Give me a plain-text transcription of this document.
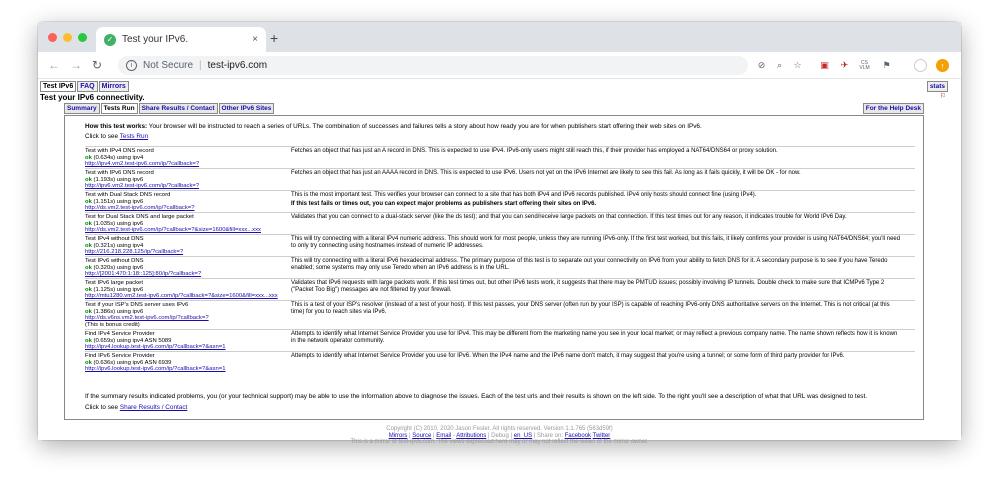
✓ Test your IPv6.	× +
← → ↻	i	Not Secure | test-ipv6.com	⊘	⌕	☆ ▣	✈	CS VLM ⚑	↑
Test IPv6	FAQ	Mirrors	stats
⚐
Test your IPv6 connectivity.
Summary	Tests Run	Share Results / Contact	Other IPv6 Sites	For the Help Desk
How this test works: Your browser will be instructed to reach a series of URLs. The combination of successes and failures tells a story about how ready you are for when publishers start offering their web sites on IPv6.
Click to see Tests Run
Test with IPv4 DNS record
ok (0.634s) using ipv4
http://ipv4.vm2.test-ipv6.com/ip/?callback=?
Fetches an object that has just an A record in DNS. This is expected to use IPv4. IPv6-only users might still reach this, if their provider has employed a NAT64/DNS64 or proxy solution.
Test with IPv6 DNS record
ok (1.193s) using ipv6
http://ipv6.vm2.test-ipv6.com/ip/?callback=?
Fetches an object that has just an AAAA record in DNS. This is expected to use IPv6. Users not yet on the IPv6 Internet are likely to see this fail. As long as it fails quickly, it will be OK - for now.
Test with Dual Stack DNS record
ok (1.151s) using ipv6
http://ds.vm2.test-ipv6.com/ip/?callback=?
This is the most important test. This verifies your browser can connect to a site that has both IPv4 and IPv6 records published. IPv4 only hosts should connect fine (using IPv4).
If this test fails or times out, you can expect major problems as publishers start offering their sites on IPv6.
Test for Dual Stack DNS and large packet
ok (1.035s) using ipv6
http://ds.vm2.test-ipv6.com/ip/?callback=?&size=1600&fill=xxx...xxx
Validates that you can connect to a dual-stack server (like the ds test); and that you can send/receive large packets on that connection. If this test times out for any reason, it indicates trouble for World IPv6 Day.
Test IPv4 without DNS
ok (0.321s) using ipv4
http://216.218.228.125/ip/?callback=?
This will try connecting with a literal IPv4 numeric address. This should work for most people, unless they are running IPv6-only. If the first test worked, but this fails, it likely confirms your provider is using NAT64/DNS64; you'll need to only try connecting using hostnames instead of numeric IP addresses.
Test IPv6 without DNS
ok (0.320s) using ipv6
http://[2001:470:1:18::125]:80/ip/?callback=?
This will try connecting with a literal IPv6 hexadecimal address. The primary purpose of this test is to separate out your connectivity on IPv6 from your ability to fetch DNS for it. A secondary purpose is to see if you have Teredo enabled; some systems may only use Teredo when an IPv6 address is in the URL.
Test IPv6 large packet
ok (1.125s) using ipv6
http://mtu1280.vm2.test-ipv6.com/ip/?callback=?&size=1600&fill=xxx...xxx
Validates that IPv6 requests with large packets work. If this test times out, but other IPv6 tests work, it suggests that there may be PMTUD issues; possibly involving IP tunnels. Double check to make sure that ICMPv6 Type 2 ("Packet Too Big") messages are not filtered by your firewall.
Test if your ISP's DNS server uses IPv6
ok (1.386s) using ipv6
http://ds.v6ns.vm2.test-ipv6.com/ip/?callback=?
(This is bonus credit)
This is a test of your ISP's resolver (instead of a test of your host). If this test passes, your DNS server (often run by your ISP) is capable of reaching IPv6-only DNS authoritative servers on the Internet. This is not critical (at this time) for you to reach sites via IPv6.
Find IPv4 Service Provider
ok (0.659s) using ipv4 ASN 5089
http://ipv4.lookup.test-ipv6.com/ip/?callback=?&asn=1
Attempts to identify what Internet Service Provider you use for IPv4. This may be different from the marketing name you see in your local market; or may reflect a previous company name. The name shown reflects how it is known in the network operator community.
Find IPv6 Service Provider
ok (0.636s) using ipv6 ASN 6939
http://ipv6.lookup.test-ipv6.com/ip/?callback=?&asn=1
Attempts to identify what Internet Service Provider you use for IPv6. When the IPv4 name and the IPv6 name don't match, it may suggest that you're using a tunnel; or some form of third party provider for IPv6.
If the summary results indicated problems, you (or your technical support) may be able to use the information above to diagnose the issues. Each of the test urls and their results is shown on the left side. To the right you'll see a description of what that URL was designed to test.
Click to see Share Results / Contact
Copyright (C) 2010, 2020 Jason Fesler. All rights reserved. Version 1.1.765 (563d59f)
Mirrors | Source | Email - Attributions | Debug | en_US | Share on: Facebook Twitter
This is a mirror of test-ipv6.com. The views expressed here may or may not reflect the views of the mirror owner.
